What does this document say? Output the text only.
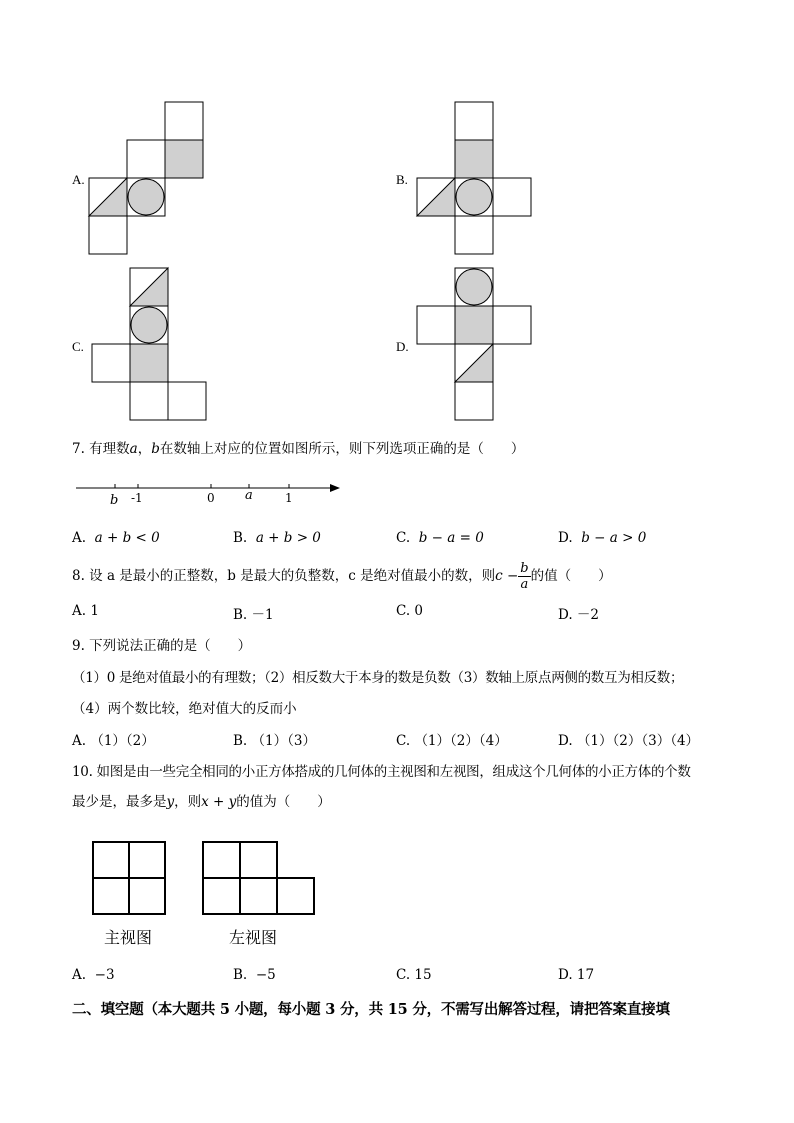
A.	B.
C.	D.
7. 有理数a，b在数轴上对应的位置如图所示，则下列选项正确的是（　　）
b -1	0 a	1
A. a + b < 0	B. a + b > 0	C. b − a = 0	D. b − a > 0
8. 设 a 是最小的正整数，b 是最大的负整数，c 是绝对值最小的数，则$c - \frac{b}{a}$ 的值（　　）
A. 1	B. －1	C. 0	D. －2
9. 下列说法正确的是（　　）
（1）0 是绝对值最小的有理数；（2）相反数大于本身的数是负数（3）数轴上原点两侧的数互为相反数；
（4）两个数比较，绝对值大的反而小
A. （1）（2）	B. （1）（3）	C. （1）（2）（4）	D. （1）（2）（3）（4）
10. 如图是由一些完全相同的小正方体搭成的几何体的主视图和左视图，组成这个几何体的小正方体的个数
最少是，最多是y，则x + y的值为（　　）
主视图	左视图
A. −3	B. −5	C. 15	D. 17
二、填空题（本大题共 5 小题，每小题 3 分，共 15 分，不需写出解答过程，请把答案直接填
